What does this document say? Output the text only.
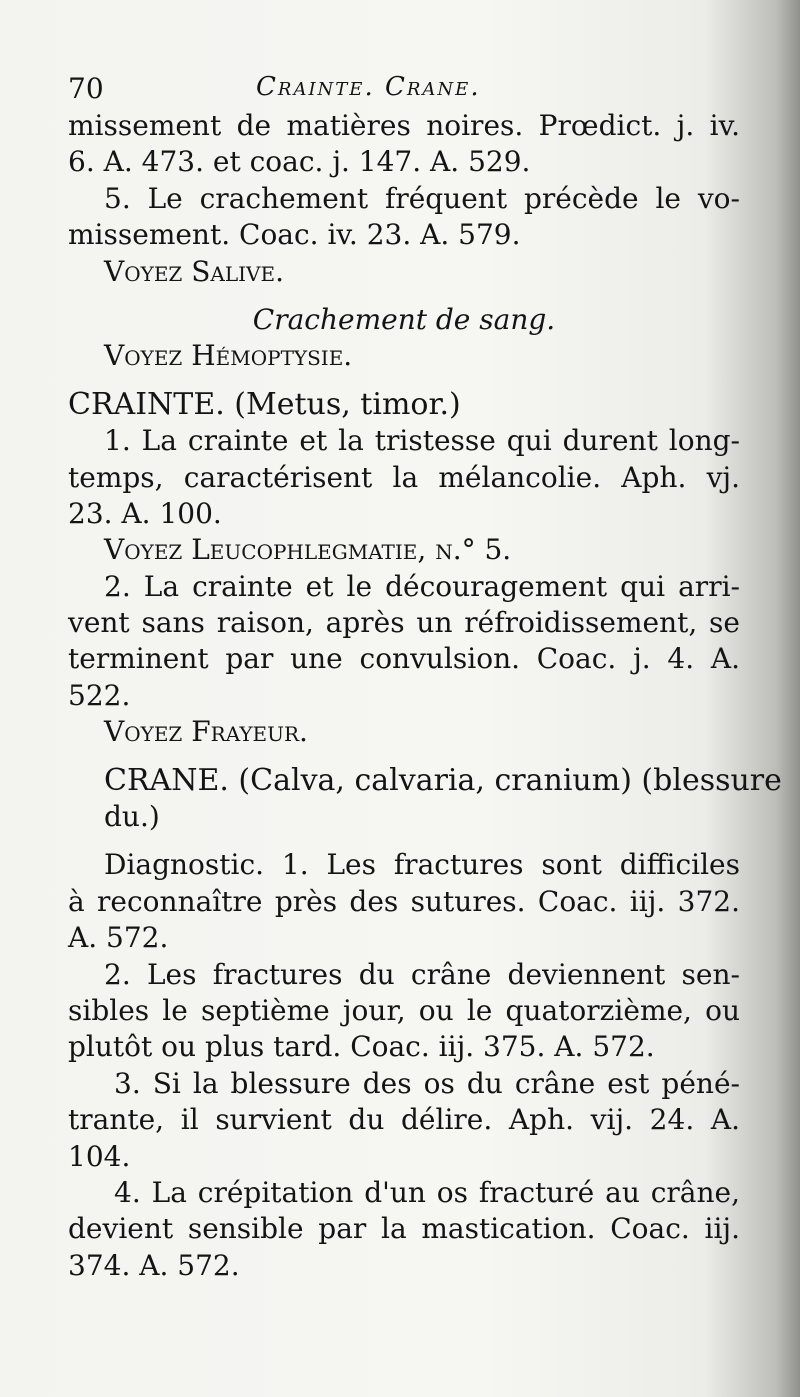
70	Crainte. Crane.
missement de matières noires. Prœdict. j. iv.
6. A. 473. et coac. j. 147. A. 529.
5. Le crachement fréquent précède le vo-
missement. Coac. iv. 23. A. 579.
Voyez Salive.
Crachement de sang.
Voyez Hémoptysie.
CRAINTE. (Metus, timor.)
1. La crainte et la tristesse qui durent long-
temps, caractérisent la mélancolie. Aph. vj.
23. A. 100.
Voyez Leucophlegmatie, n.° 5.
2. La crainte et le découragement qui arri-
vent sans raison, après un réfroidissement, se
terminent par une convulsion. Coac. j. 4. A.
522.
Voyez Frayeur.
CRANE. (Calva, calvaria, cranium) (blessure
du.)
Diagnostic. 1. Les fractures sont difficiles
à reconnaître près des sutures. Coac. iij. 372.
A. 572.
2. Les fractures du crâne deviennent sen-
sibles le septième jour, ou le quatorzième, ou
plutôt ou plus tard. Coac. iij. 375. A. 572.
3. Si la blessure des os du crâne est péné-
trante, il survient du délire. Aph. vij. 24. A.
104.
4. La crépitation d'un os fracturé au crâne,
devient sensible par la mastication. Coac. iij.
374. A. 572.
